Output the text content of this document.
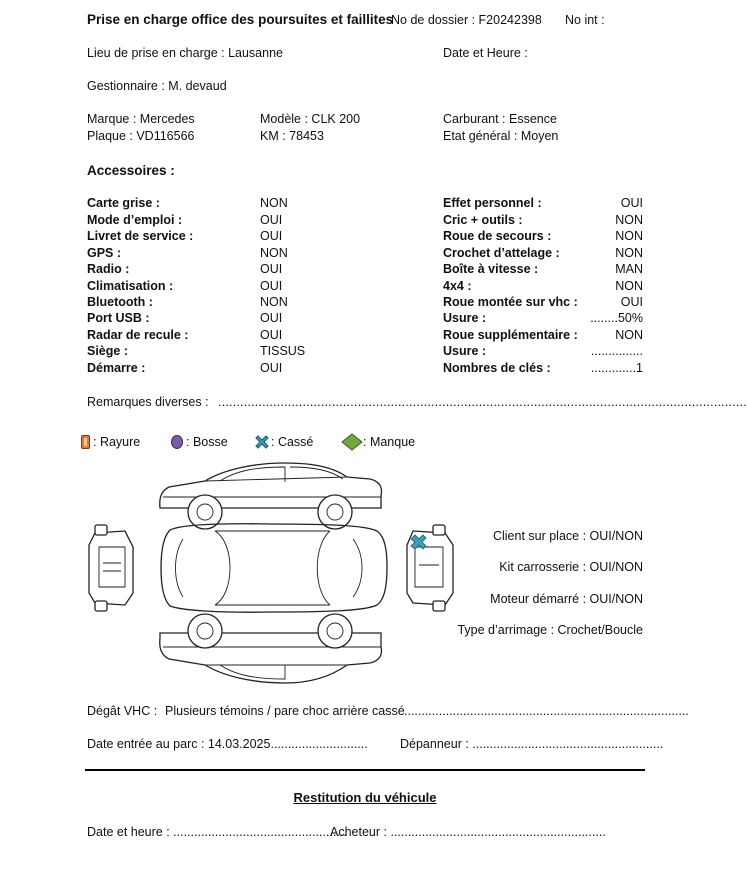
Prise en charge office des poursuites et faillites
No de dossier : F20242398 No int :
Lieu de prise en charge : Lausanne	Date et Heure :
Gestionnaire : M. devaud
Marque : Mercedes	Modèle : CLK 200	Carburant : Essence
Plaque : VD116566	KM : 78453	Etat général : Moyen
Accessoires :
Carte grise :	NON
Mode d’emploi :	OUI
Livret de service :	OUI
GPS :	NON
Radio :	OUI
Climatisation :	OUI
Bluetooth :	NON
Port USB :	OUI
Radar de recule :	OUI
Siège :	TISSUS
Démarre :	OUI
Effet personnel :	OUI
Cric + outils :	NON
Roue de secours :	NON
Crochet d’attelage :	NON
Boîte à vitesse :	MAN
4x4 :	NON
Roue montée sur vhc :	OUI
Usure :	........50%
Roue supplémentaire :	NON
Usure :	...............
Nombres de clés :	.............1
Remarques diverses : ................................................................................................................................................
: Rayure	: Bosse	: Cassé	: Manque
Client sur place : OUI/NON
Kit carrosserie : OUI/NON
Moteur démarré : OUI/NON
Type d’arrimage : Crochet/Boucle
Dégât VHC : Plusieurs témoins / pare choc arrière cassé ..................................................................................
Date entrée au parc : 14.03.2025............................	Dépanneur : .......................................................
Restitution du véhicule
Date et heure : ..................................................
Acheteur : ..............................................................
